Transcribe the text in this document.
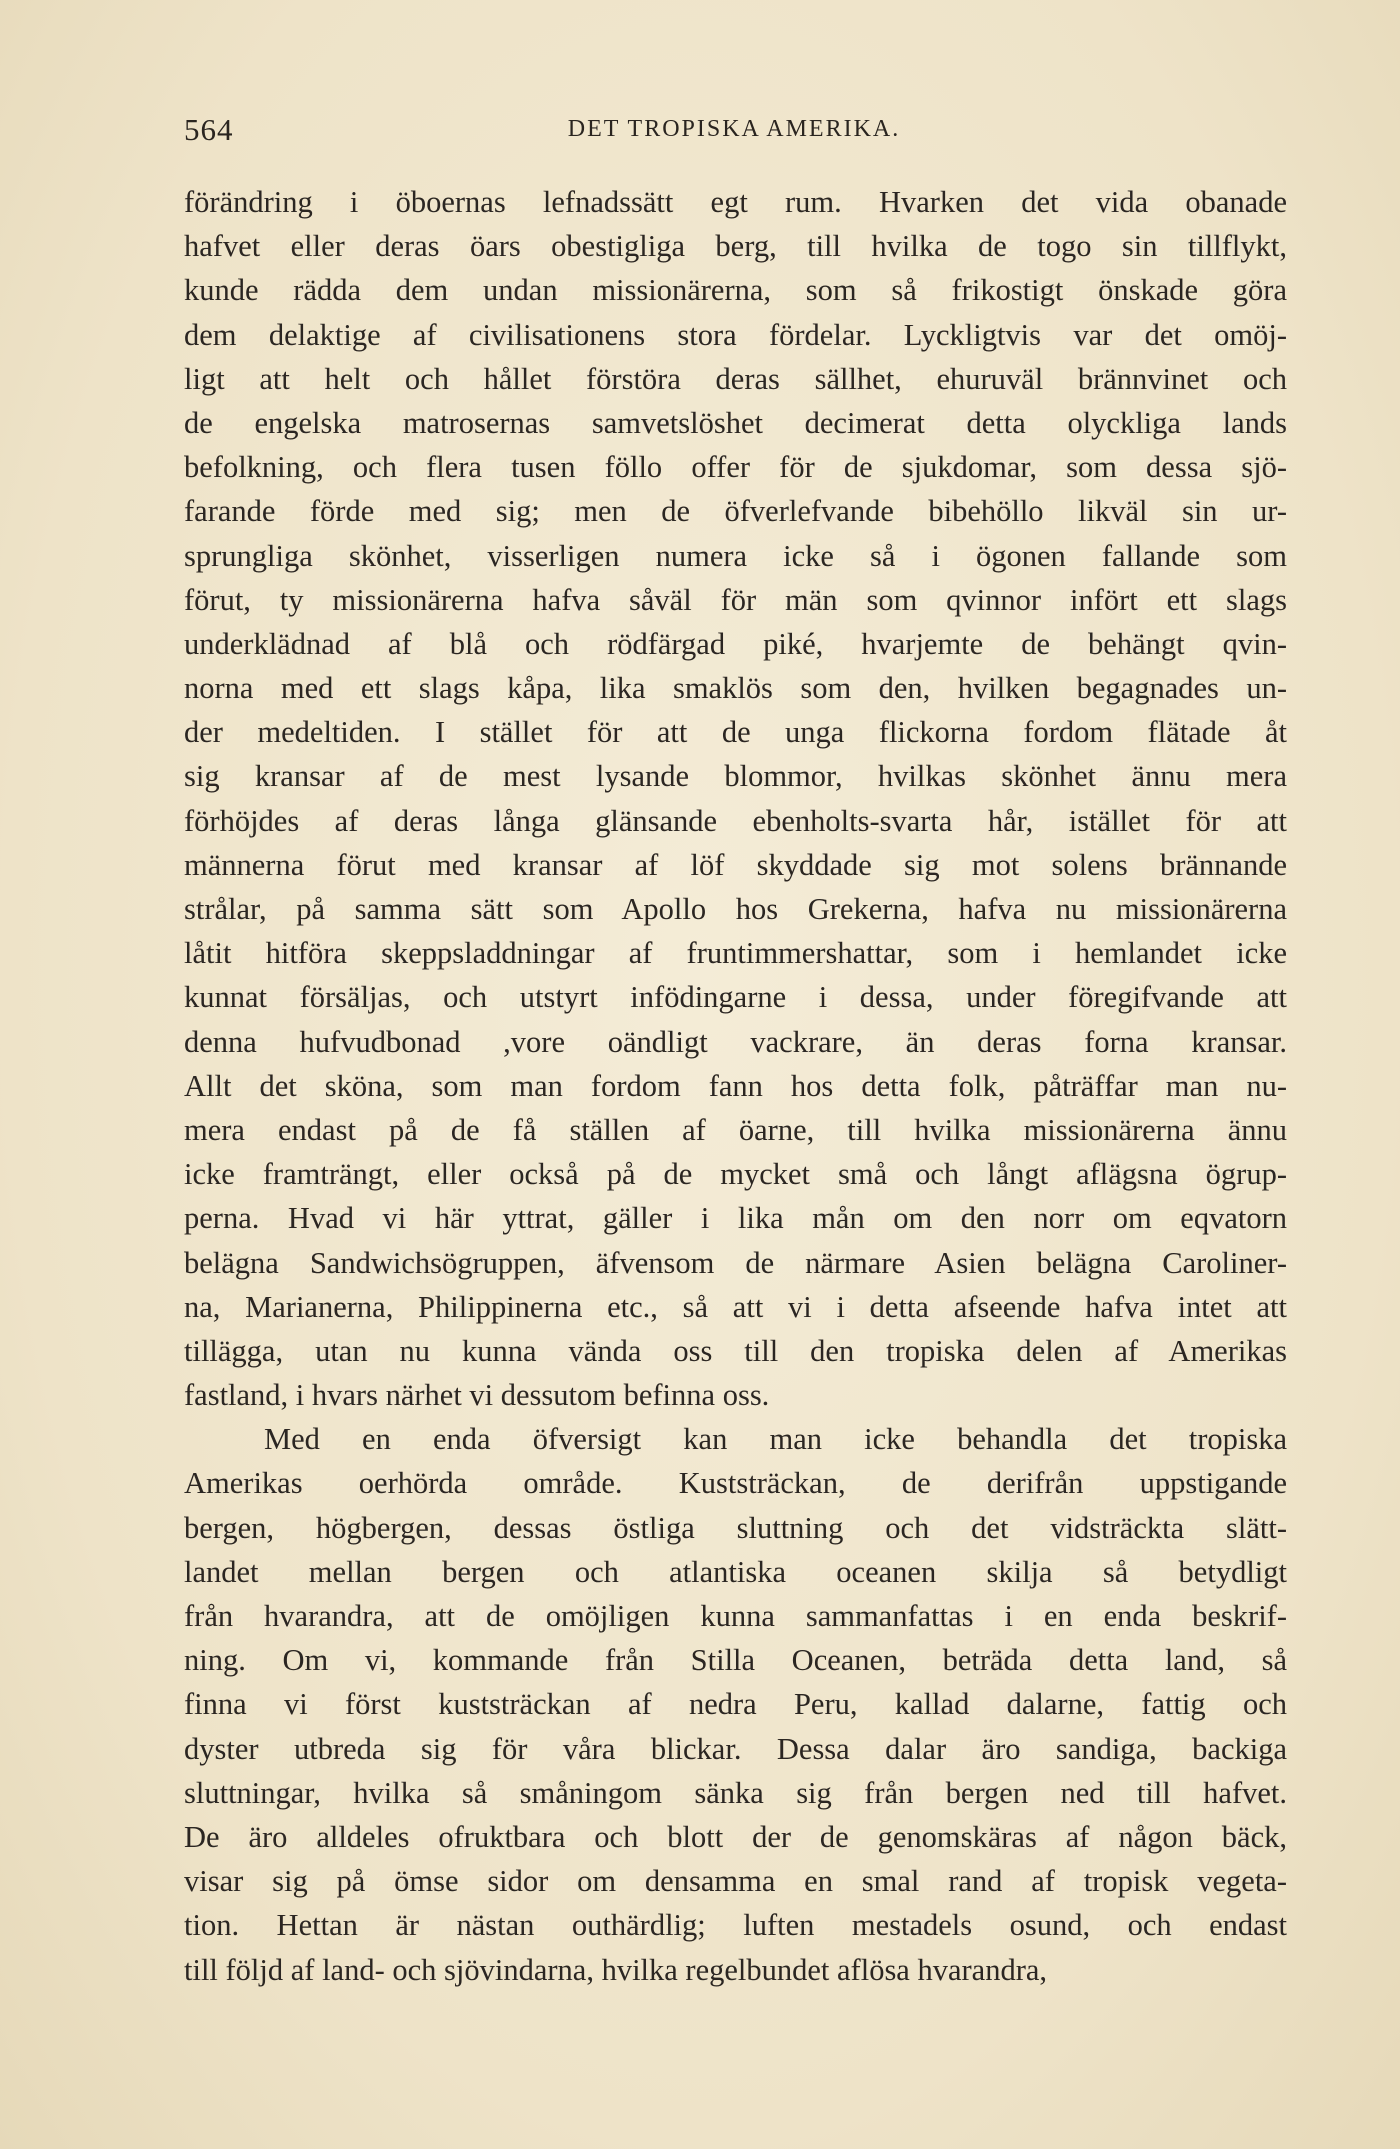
564	DET TROPISKA AMERIKA.
förändring i öboernas lefnadssätt egt rum. Hvarken det vida obanade
hafvet eller deras öars obestigliga berg, till hvilka de togo sin tillflykt,
kunde rädda dem undan missionärerna, som så frikostigt önskade göra
dem delaktige af civilisationens stora fördelar. Lyckligtvis var det omöj-
ligt att helt och hållet förstöra deras sällhet, ehuruväl brännvinet och
de engelska matrosernas samvetslöshet decimerat detta olyckliga lands
befolkning, och flera tusen föllo offer för de sjukdomar, som dessa sjö-
farande förde med sig; men de öfverlefvande bibehöllo likväl sin ur-
sprungliga skönhet, visserligen numera icke så i ögonen fallande som
förut, ty missionärerna hafva såväl för män som qvinnor infört ett slags
underklädnad af blå och rödfärgad piké, hvarjemte de behängt qvin-
norna med ett slags kåpa, lika smaklös som den, hvilken begagnades un-
der medeltiden. I stället för att de unga flickorna fordom flätade åt
sig kransar af de mest lysande blommor, hvilkas skönhet ännu mera
förhöjdes af deras långa glänsande ebenholts-svarta hår, istället för att
männerna förut med kransar af löf skyddade sig mot solens brännande
strålar, på samma sätt som Apollo hos Grekerna, hafva nu missionärerna
låtit hitföra skeppsladdningar af fruntimmershattar, som i hemlandet icke
kunnat försäljas, och utstyrt infödingarne i dessa, under föregifvande att
denna hufvudbonad ,vore oändligt vackrare, än deras forna kransar.
Allt det sköna, som man fordom fann hos detta folk, påträffar man nu-
mera endast på de få ställen af öarne, till hvilka missionärerna ännu
icke framträngt, eller också på de mycket små och långt aflägsna ögrup-
perna. Hvad vi här yttrat, gäller i lika mån om den norr om eqvatorn
belägna Sandwichsögruppen, äfvensom de närmare Asien belägna Caroliner-
na, Marianerna, Philippinerna etc., så att vi i detta afseende hafva intet att
tillägga, utan nu kunna vända oss till den tropiska delen af Amerikas
fastland, i hvars närhet vi dessutom befinna oss.
Med en enda öfversigt kan man icke behandla det tropiska
Amerikas oerhörda område. Kuststräckan, de derifrån uppstigande
bergen, högbergen, dessas östliga sluttning och det vidsträckta slätt-
landet mellan bergen och atlantiska oceanen skilja så betydligt
från hvarandra, att de omöjligen kunna sammanfattas i en enda beskrif-
ning. Om vi, kommande från Stilla Oceanen, beträda detta land, så
finna vi först kuststräckan af nedra Peru, kallad dalarne, fattig och
dyster utbreda sig för våra blickar. Dessa dalar äro sandiga, backiga
sluttningar, hvilka så småningom sänka sig från bergen ned till hafvet.
De äro alldeles ofruktbara och blott der de genomskäras af någon bäck,
visar sig på ömse sidor om densamma en smal rand af tropisk vegeta-
tion. Hettan är nästan outhärdlig; luften mestadels osund, och endast
till följd af land- och sjövindarna, hvilka regelbundet aflösa hvarandra,
